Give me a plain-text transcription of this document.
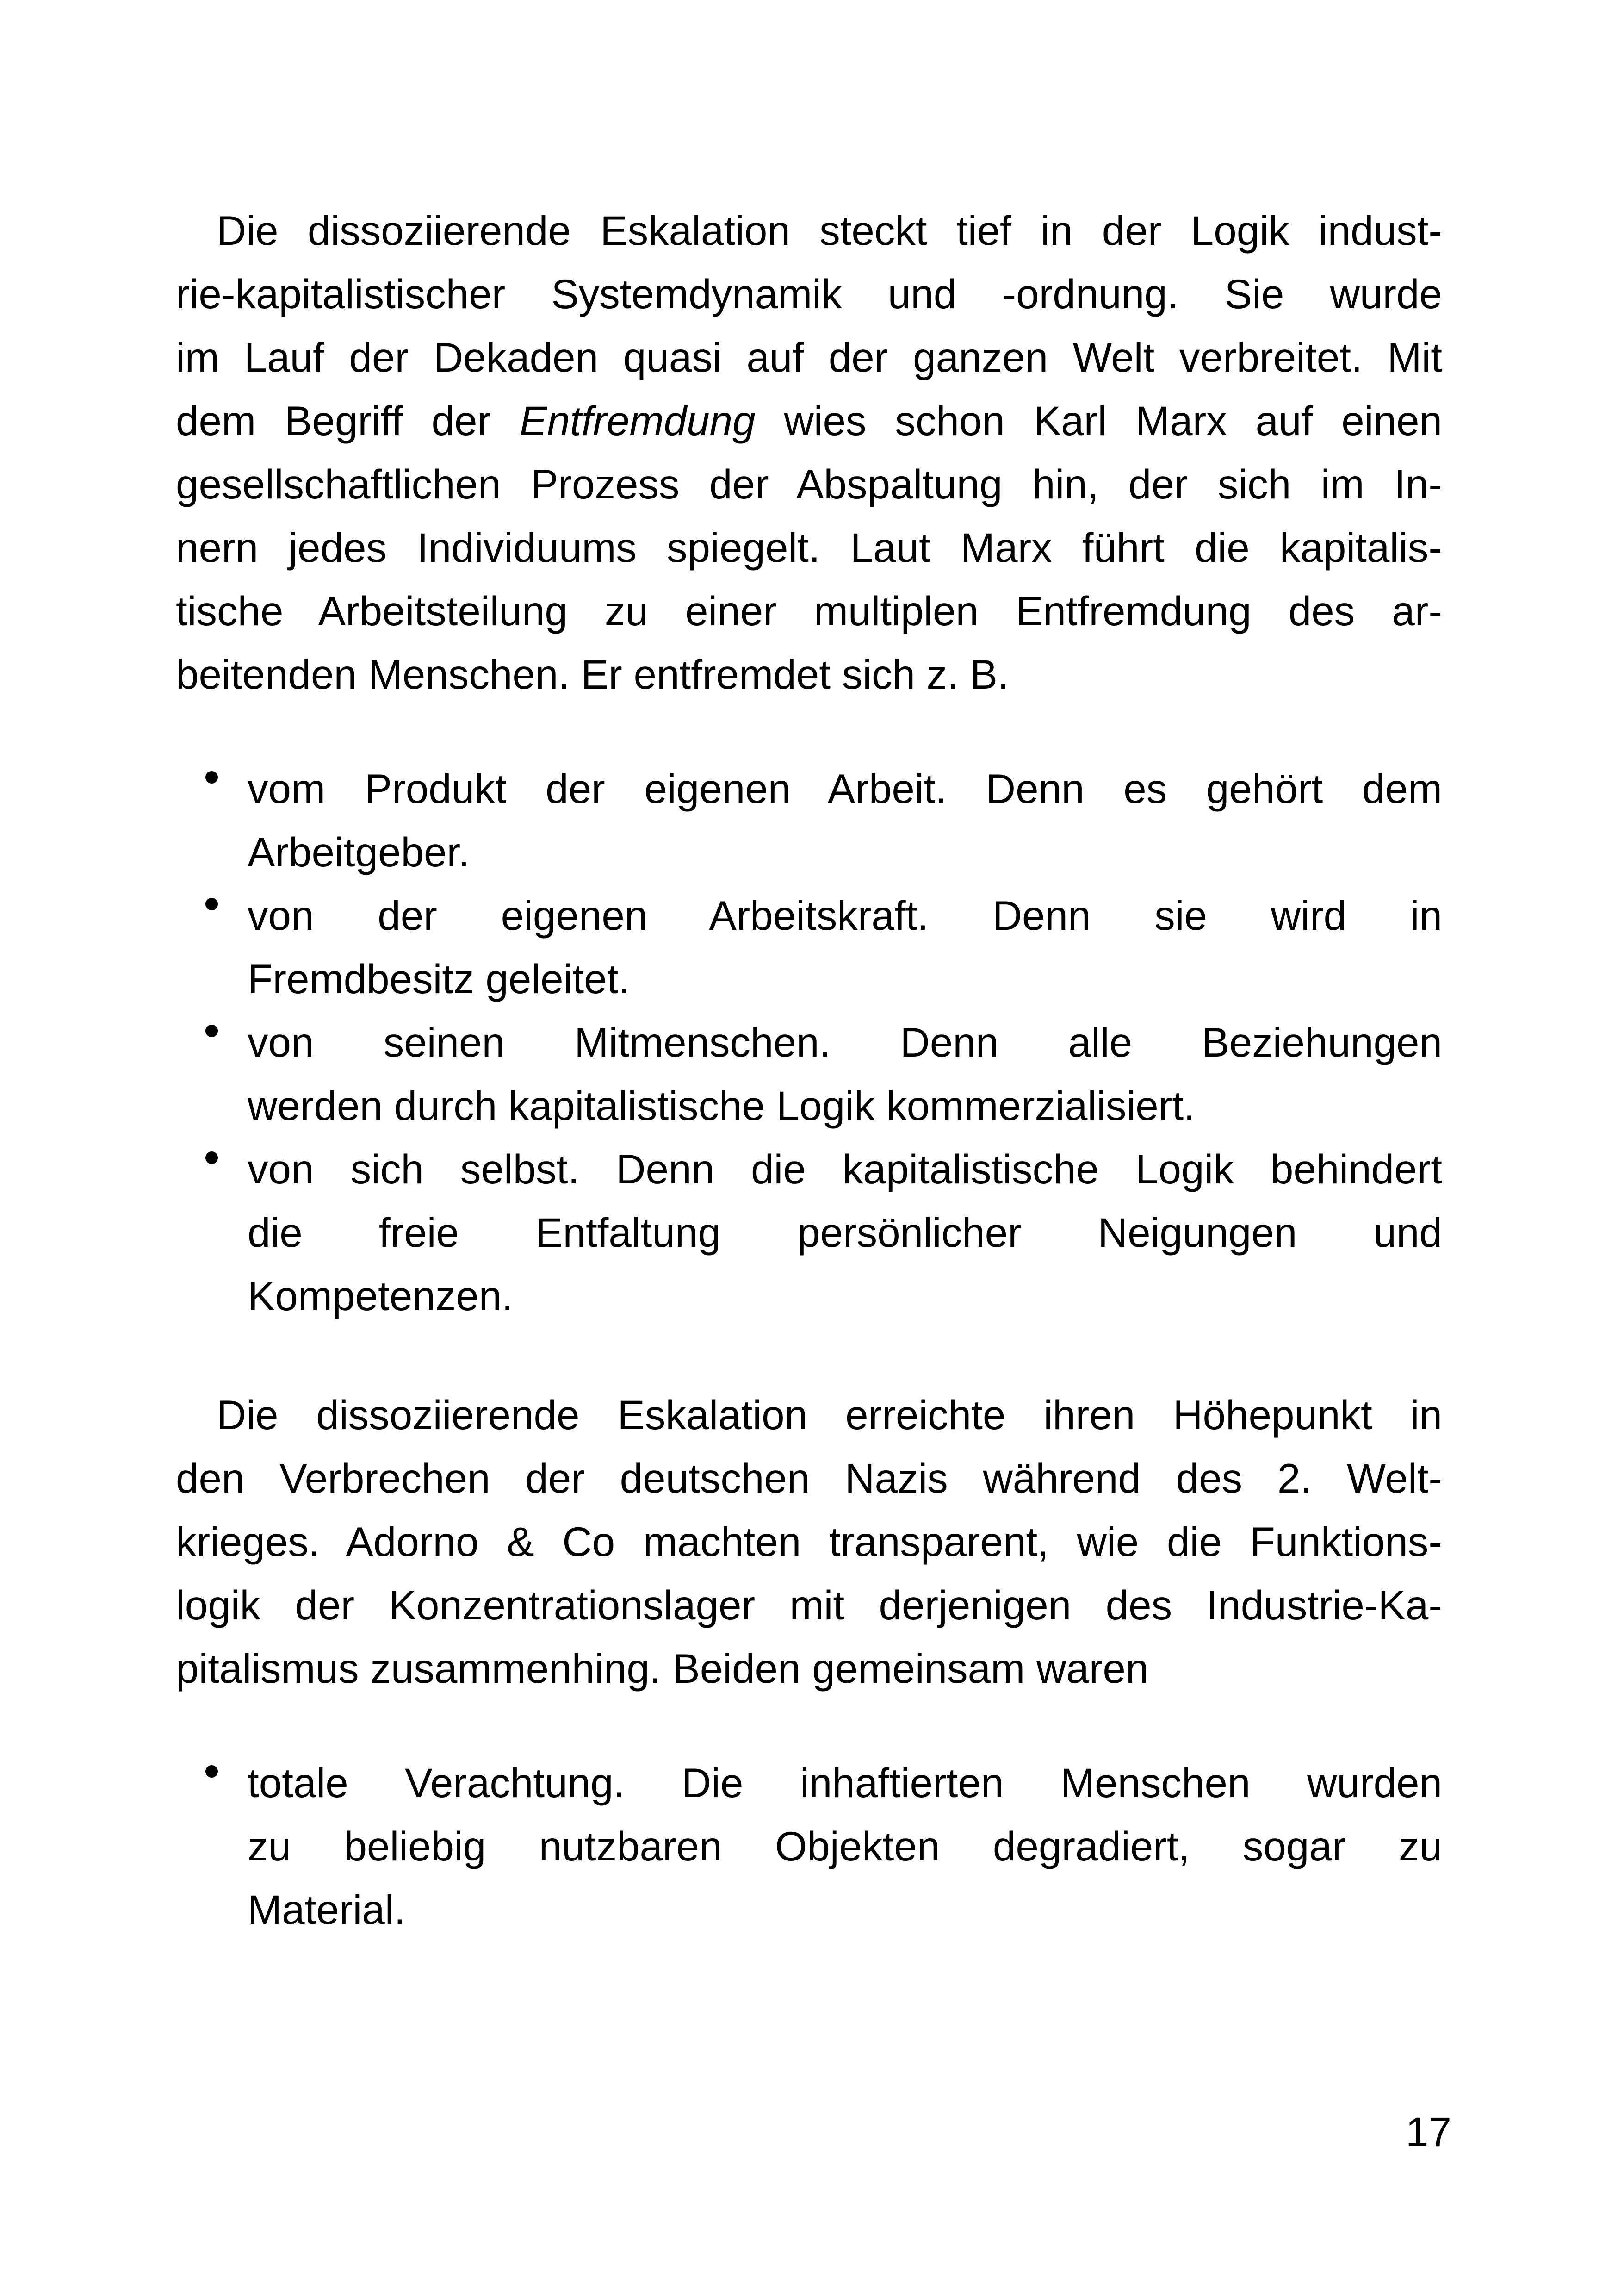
Die dissoziierende Eskalation steckt tief in der Logik indust-
rie-kapitalistischer Systemdynamik und -ordnung. Sie wurde
im Lauf der Dekaden quasi auf der ganzen Welt verbreitet. Mit
dem Begriff der Entfremdung wies schon Karl Marx auf einen
gesellschaftlichen Prozess der Abspaltung hin, der sich im In-
nern jedes Individuums spiegelt. Laut Marx führt die kapitalis-
tische Arbeitsteilung zu einer multiplen Entfremdung des ar-
beitenden Menschen. Er entfremdet sich z. B.
vom Produkt der eigenen Arbeit. Denn es gehört dem
Arbeitgeber.
von der eigenen Arbeitskraft. Denn sie wird in
Fremdbesitz geleitet.
von seinen Mitmenschen. Denn alle Beziehungen
werden durch kapitalistische Logik kommerzialisiert.
von sich selbst. Denn die kapitalistische Logik behindert
die freie Entfaltung persönlicher Neigungen und
Kompetenzen.
Die dissoziierende Eskalation erreichte ihren Höhepunkt in
den Verbrechen der deutschen Nazis während des 2. Welt-
krieges. Adorno & Co machten transparent, wie die Funktions-
logik der Konzentrationslager mit derjenigen des Industrie-Ka-
pitalismus zusammenhing. Beiden gemeinsam waren
totale Verachtung. Die inhaftierten Menschen wurden
zu beliebig nutzbaren Objekten degradiert, sogar zu
Material.
17
